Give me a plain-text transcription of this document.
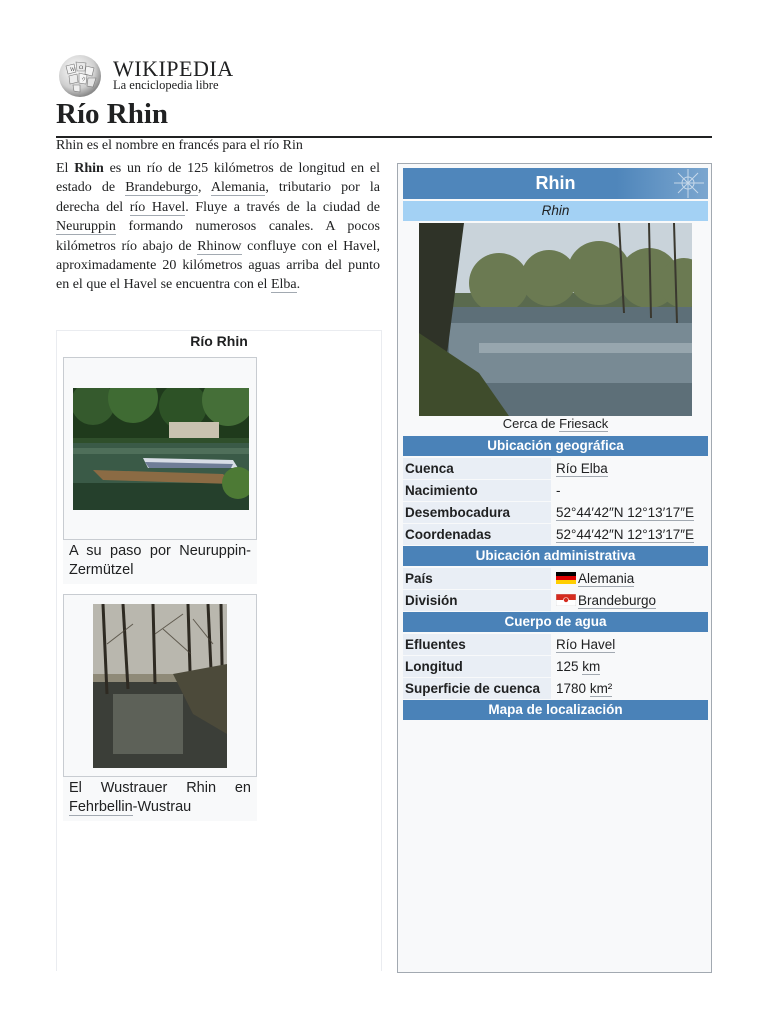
W Ω
ウ WIKIPEDIA
La enciclopedia libre
Río Rhin
Rhin es el nombre en francés para el río Rin

El Rhin es un río de 125 kilómetros de longitud en el estado de Brandeburgo, Alemania, tributario por la derecha del río Havel. Fluye a través de la ciudad de Neuruppin formando numerosos canales. A pocos kilómetros río abajo de Rhinow confluye con el Havel, aproximadamente 20 kilómetros aguas arriba del punto en el que el Havel se encuentra con el Elba.

Río Rhin
A su paso por Neuruppin-Zermützel
El Wustrauer Rhin en Fehrbellin-Wustrau
Rhin
Rhin
Cerca de Friesack
Ubicación geográfica
Cuenca	Río Elba
Nacimiento	-
Desembocadura	52°44′42″N 12°13′17″E
Coordenadas	52°44′42″N 12°13′17″E
Ubicación administrativa
País	Alemania
División	Brandeburgo
Cuerpo de agua
Efluentes	Río Havel
Longitud	125 km
Superficie de cuenca	1780 km²
Mapa de localización
